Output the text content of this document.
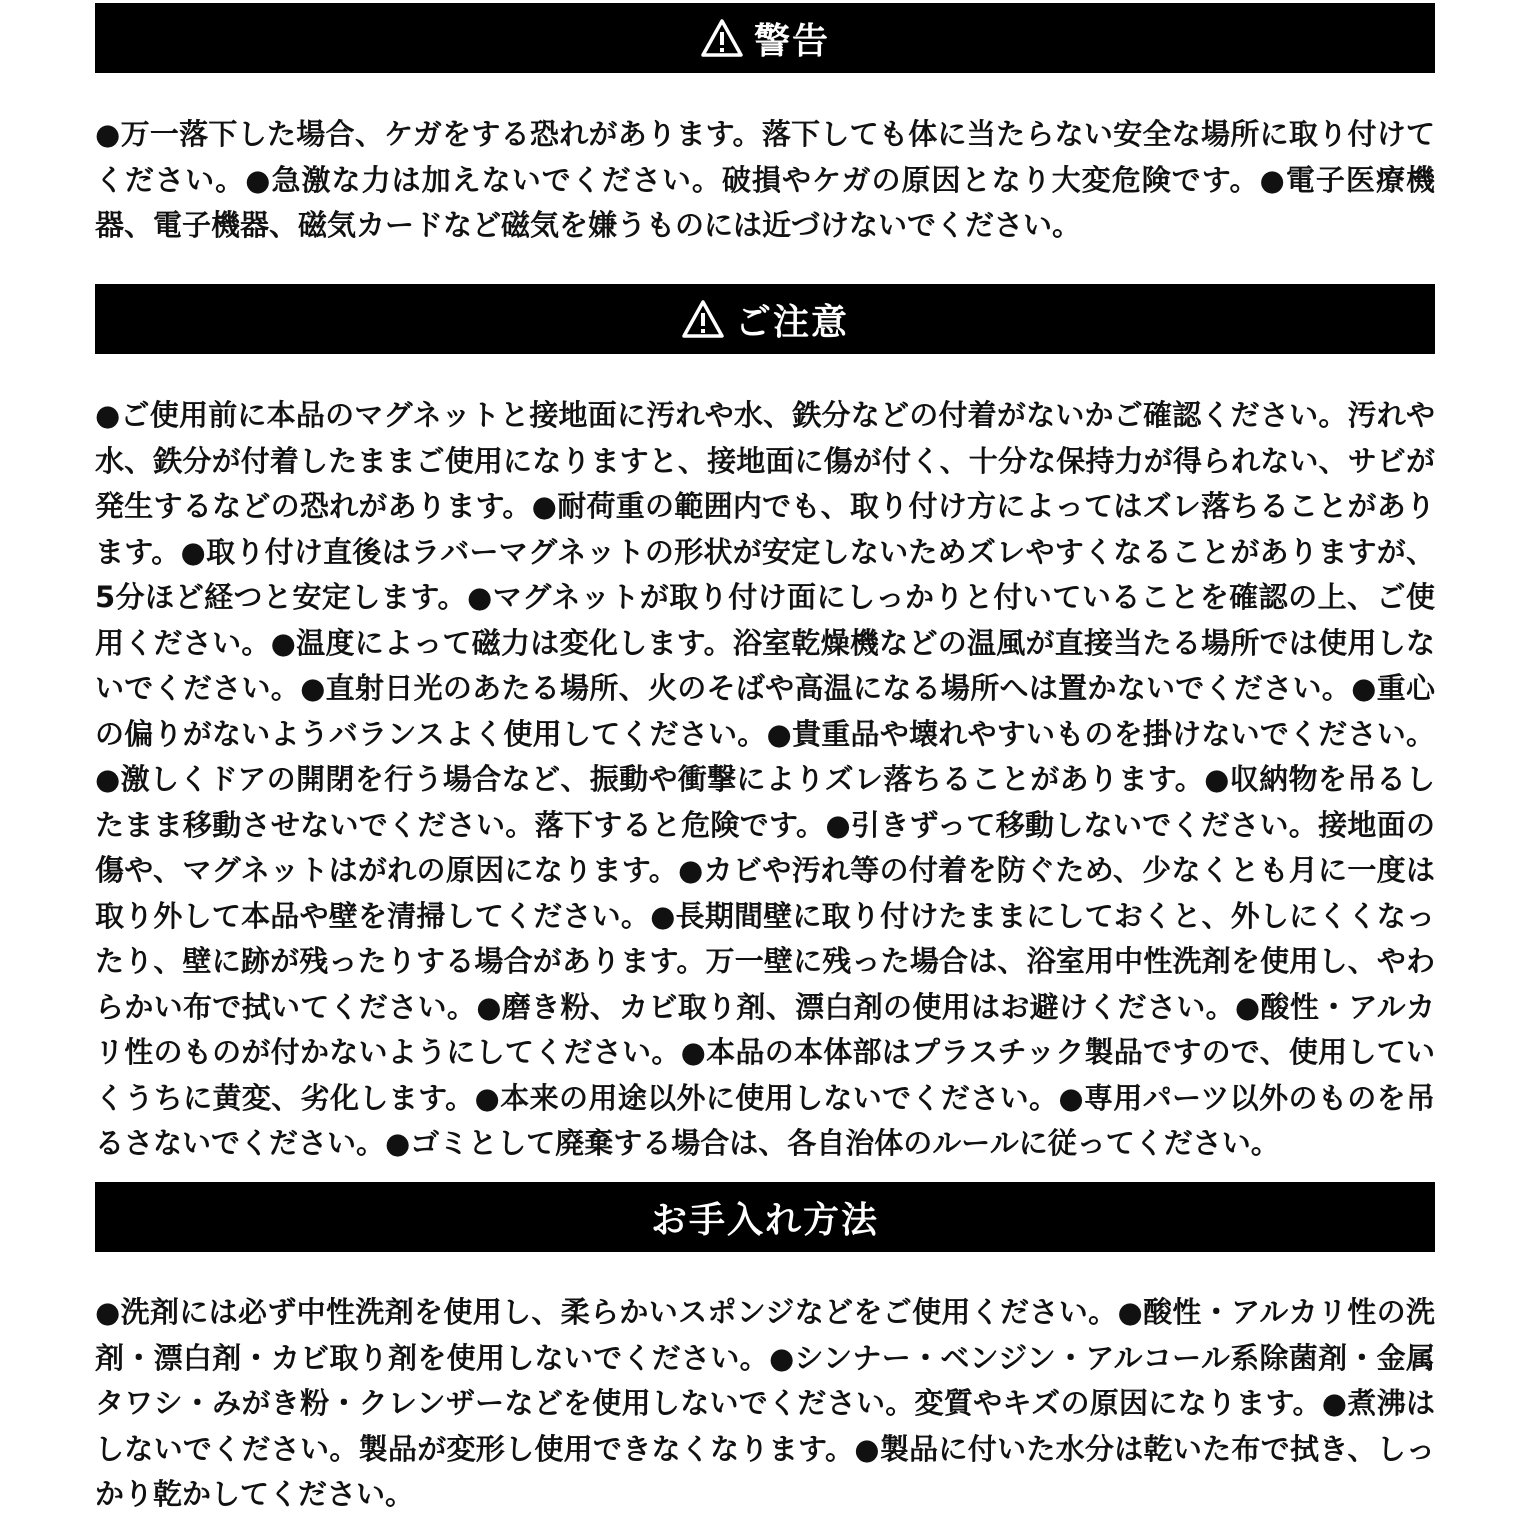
警告

●万一落下した場合、ケガをする恐れがあります。落下しても体に当たらない安全な場所に取り付けてください。●急激な力は加えないでください。破損やケガの原因となり大変危険です。●電子医療機器、電子機器、磁気カードなど磁気を嫌うものには近づけないでください。

ご注意

●ご使用前に本品のマグネットと接地面に汚れや水、鉄分などの付着がないかご確認ください。汚れや水、鉄分が付着したままご使用になりますと、接地面に傷が付く、十分な保持力が得られない、サビが発生するなどの恐れがあります。●耐荷重の範囲内でも、取り付け方によってはズレ落ちることがあります。●取り付け直後はラバーマグネットの形状が安定しないためズレやすくなることがありますが、5分ほど経つと安定します。●マグネットが取り付け面にしっかりと付いていることを確認の上、ご使用ください。●温度によって磁力は変化します。浴室乾燥機などの温風が直接当たる場所では使用しないでください。●直射日光のあたる場所、火のそばや高温になる場所へは置かないでください。●重心の偏りがないようバランスよく使用してください。●貴重品や壊れやすいものを掛けないでください。●激しくドアの開閉を行う場合など、振動や衝撃によりズレ落ちることがあります。●収納物を吊るしたまま移動させないでください。落下すると危険です。●引きずって移動しないでください。接地面の傷や、マグネットはがれの原因になります。●カビや汚れ等の付着を防ぐため、少なくとも月に一度は取り外して本品や壁を清掃してください。●長期間壁に取り付けたままにしておくと、外しにくくなったり、壁に跡が残ったりする場合があります。万一壁に残った場合は、浴室用中性洗剤を使用し、やわらかい布で拭いてください。●磨き粉、カビ取り剤、漂白剤の使用はお避けください。●酸性・アルカリ性のものが付かないようにしてください。●本品の本体部はプラスチック製品ですので、使用していくうちに黄変、劣化します。●本来の用途以外に使用しないでください。●専用パーツ以外のものを吊るさないでください。●ゴミとして廃棄する場合は、各自治体のルールに従ってください。

お手入れ方法

●洗剤には必ず中性洗剤を使用し、柔らかいスポンジなどをご使用ください。●酸性・アルカリ性の洗剤・漂白剤・カビ取り剤を使用しないでください。●シンナー・ベンジン・アルコール系除菌剤・金属タワシ・みがき粉・クレンザーなどを使用しないでください。変質やキズの原因になります。●煮沸はしないでください。製品が変形し使用できなくなります。●製品に付いた水分は乾いた布で拭き、しっかり乾かしてください。
